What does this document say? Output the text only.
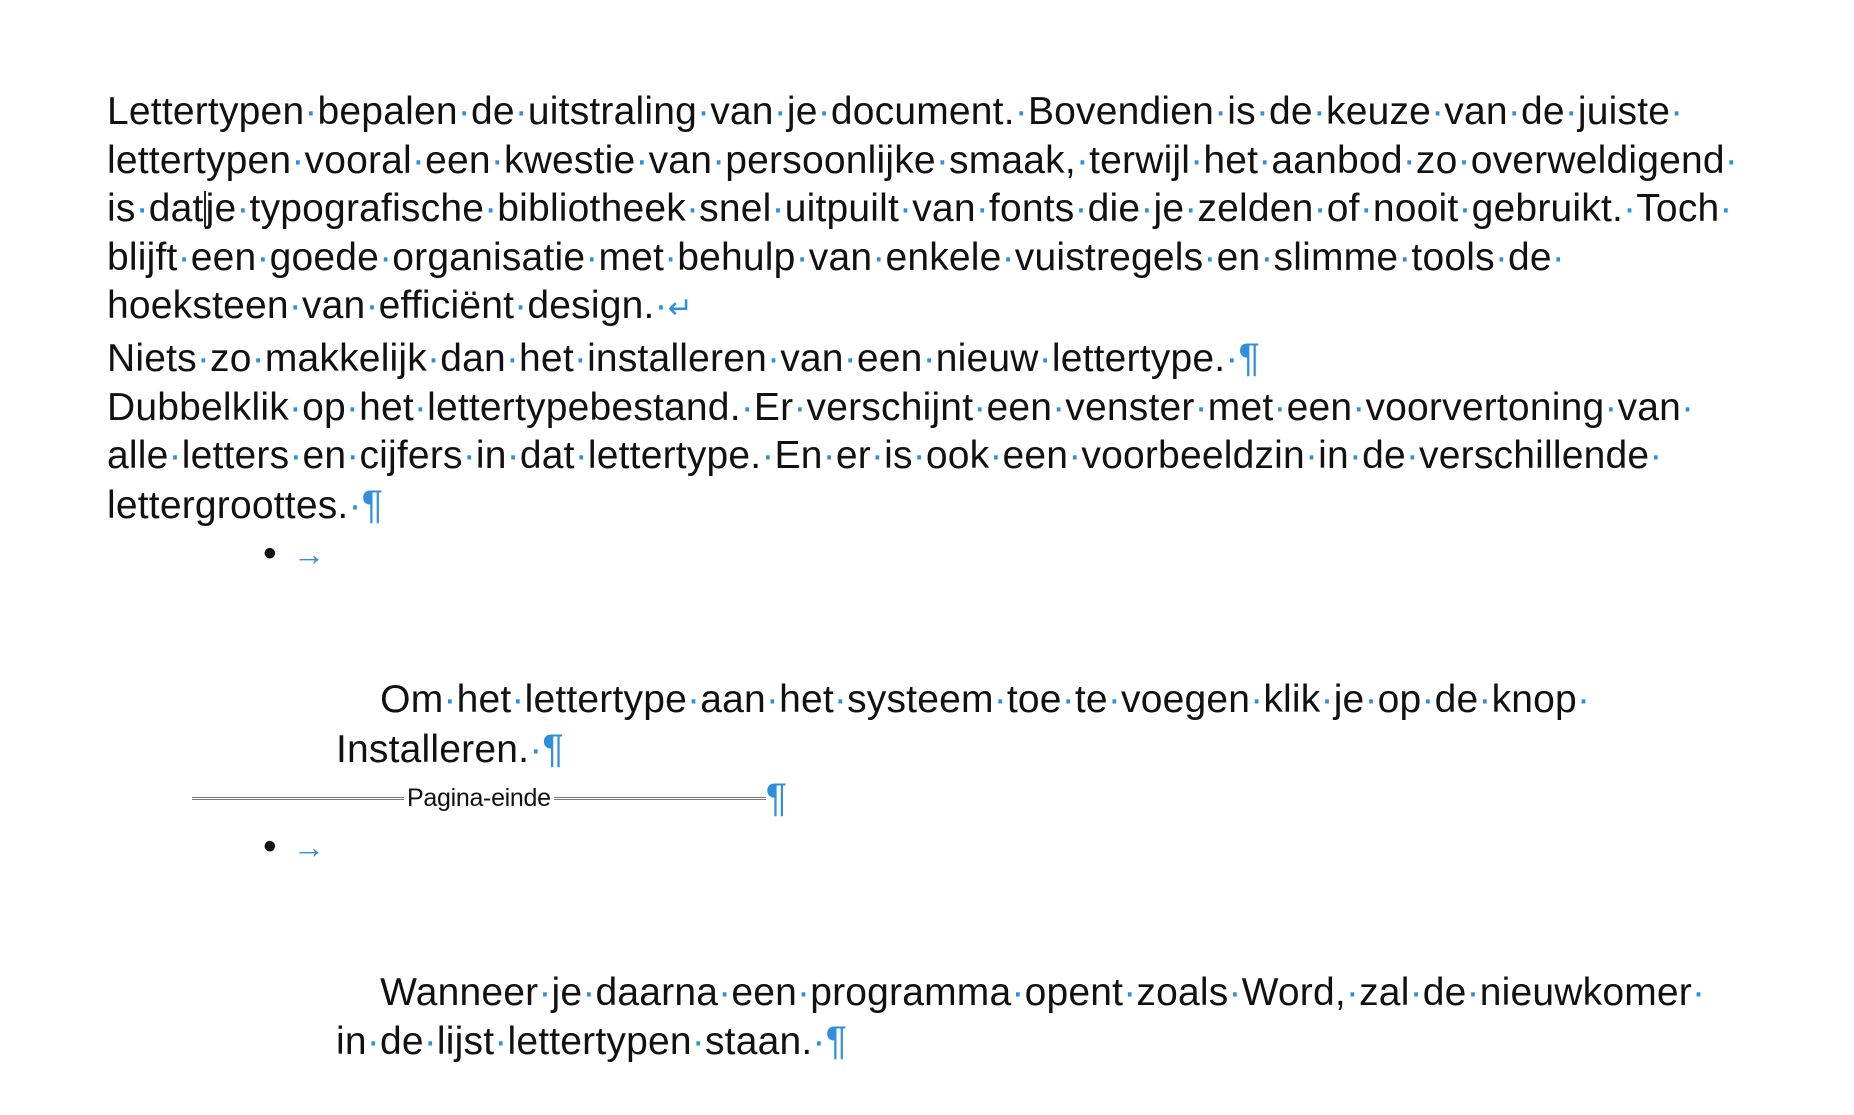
Lettertypen·bepalen·de·uitstraling·van·je·document.·Bovendien·is·de·keuze·van·de·juiste·lettertypen·vooral·een·kwestie·van·persoonlijke·smaak,·terwijl·het·aanbod·zo·overweldigend·is·datje·typografische·bibliotheek·snel·uitpuilt·van·fonts·die·je·zelden·of·nooit·gebruikt.·Toch·blijft·een·goede·organisatie·met·behulp·van·enkele·vuistregels·en·slimme·tools·de·hoeksteen·van·efficiënt·design.·↵

Niets·zo·makkelijk·dan·het·installeren·van·een·nieuw·lettertype.·¶

Dubbelklik·op·het·lettertypebestand.·Er·verschijnt·een·venster·met·een·voorvertoning·van·alle·letters·en·cijfers·in·dat·lettertype.·En·er·is·ook·een·voorbeeldzin·in·de·verschillende·lettergroottes.·¶

•

→

Om·het·lettertype·aan·het·systeem·toe·te·voegen·klik·je·op·de·knop·Installeren.·¶

•

→

Wanneer·je·daarna·een·programma·opent·zoals·Word,·zal·de·nieuwkomer·in·de·lijst·lettertypen·staan.·¶

Pagina-einde	¶
